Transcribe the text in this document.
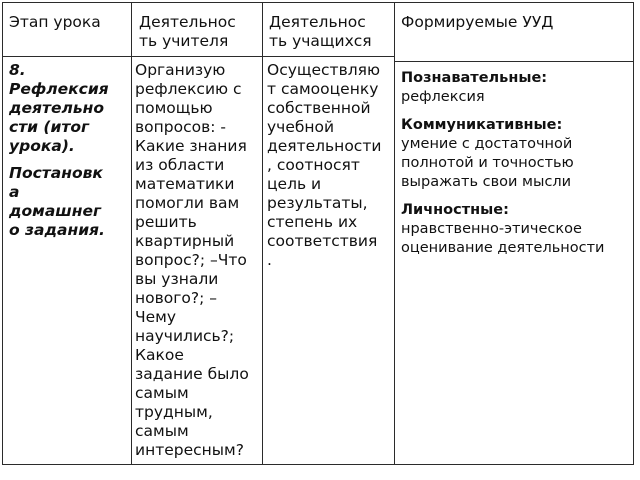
Этап урока Деятельнос
ть учителя
Деятельнос
ть учащихся
Формируемые УУД
8.
Рефлексия
деятельно
сти (итог
урока).
Постановк
а
домашнег
о задания.
Организую
рефлексию с
помощью
вопросов: -
Какие знания
из области
математики
помогли вам
решить
квартирный
вопрос?; –Что
вы узнали
нового?; –
Чему
научились?;
Какое
задание было
самым
трудным,
самым
интересным?
Осуществляю
т самооценку
собственной
учебной
деятельности
, соотносят
цель и
результаты,
степень их
соответствия
.
Познавательные:
рефлексия
Коммуникативные:
умение с достаточной
полнотой и точностью
выражать свои мысли
Личностные:
нравственно-этическое
оценивание деятельности
